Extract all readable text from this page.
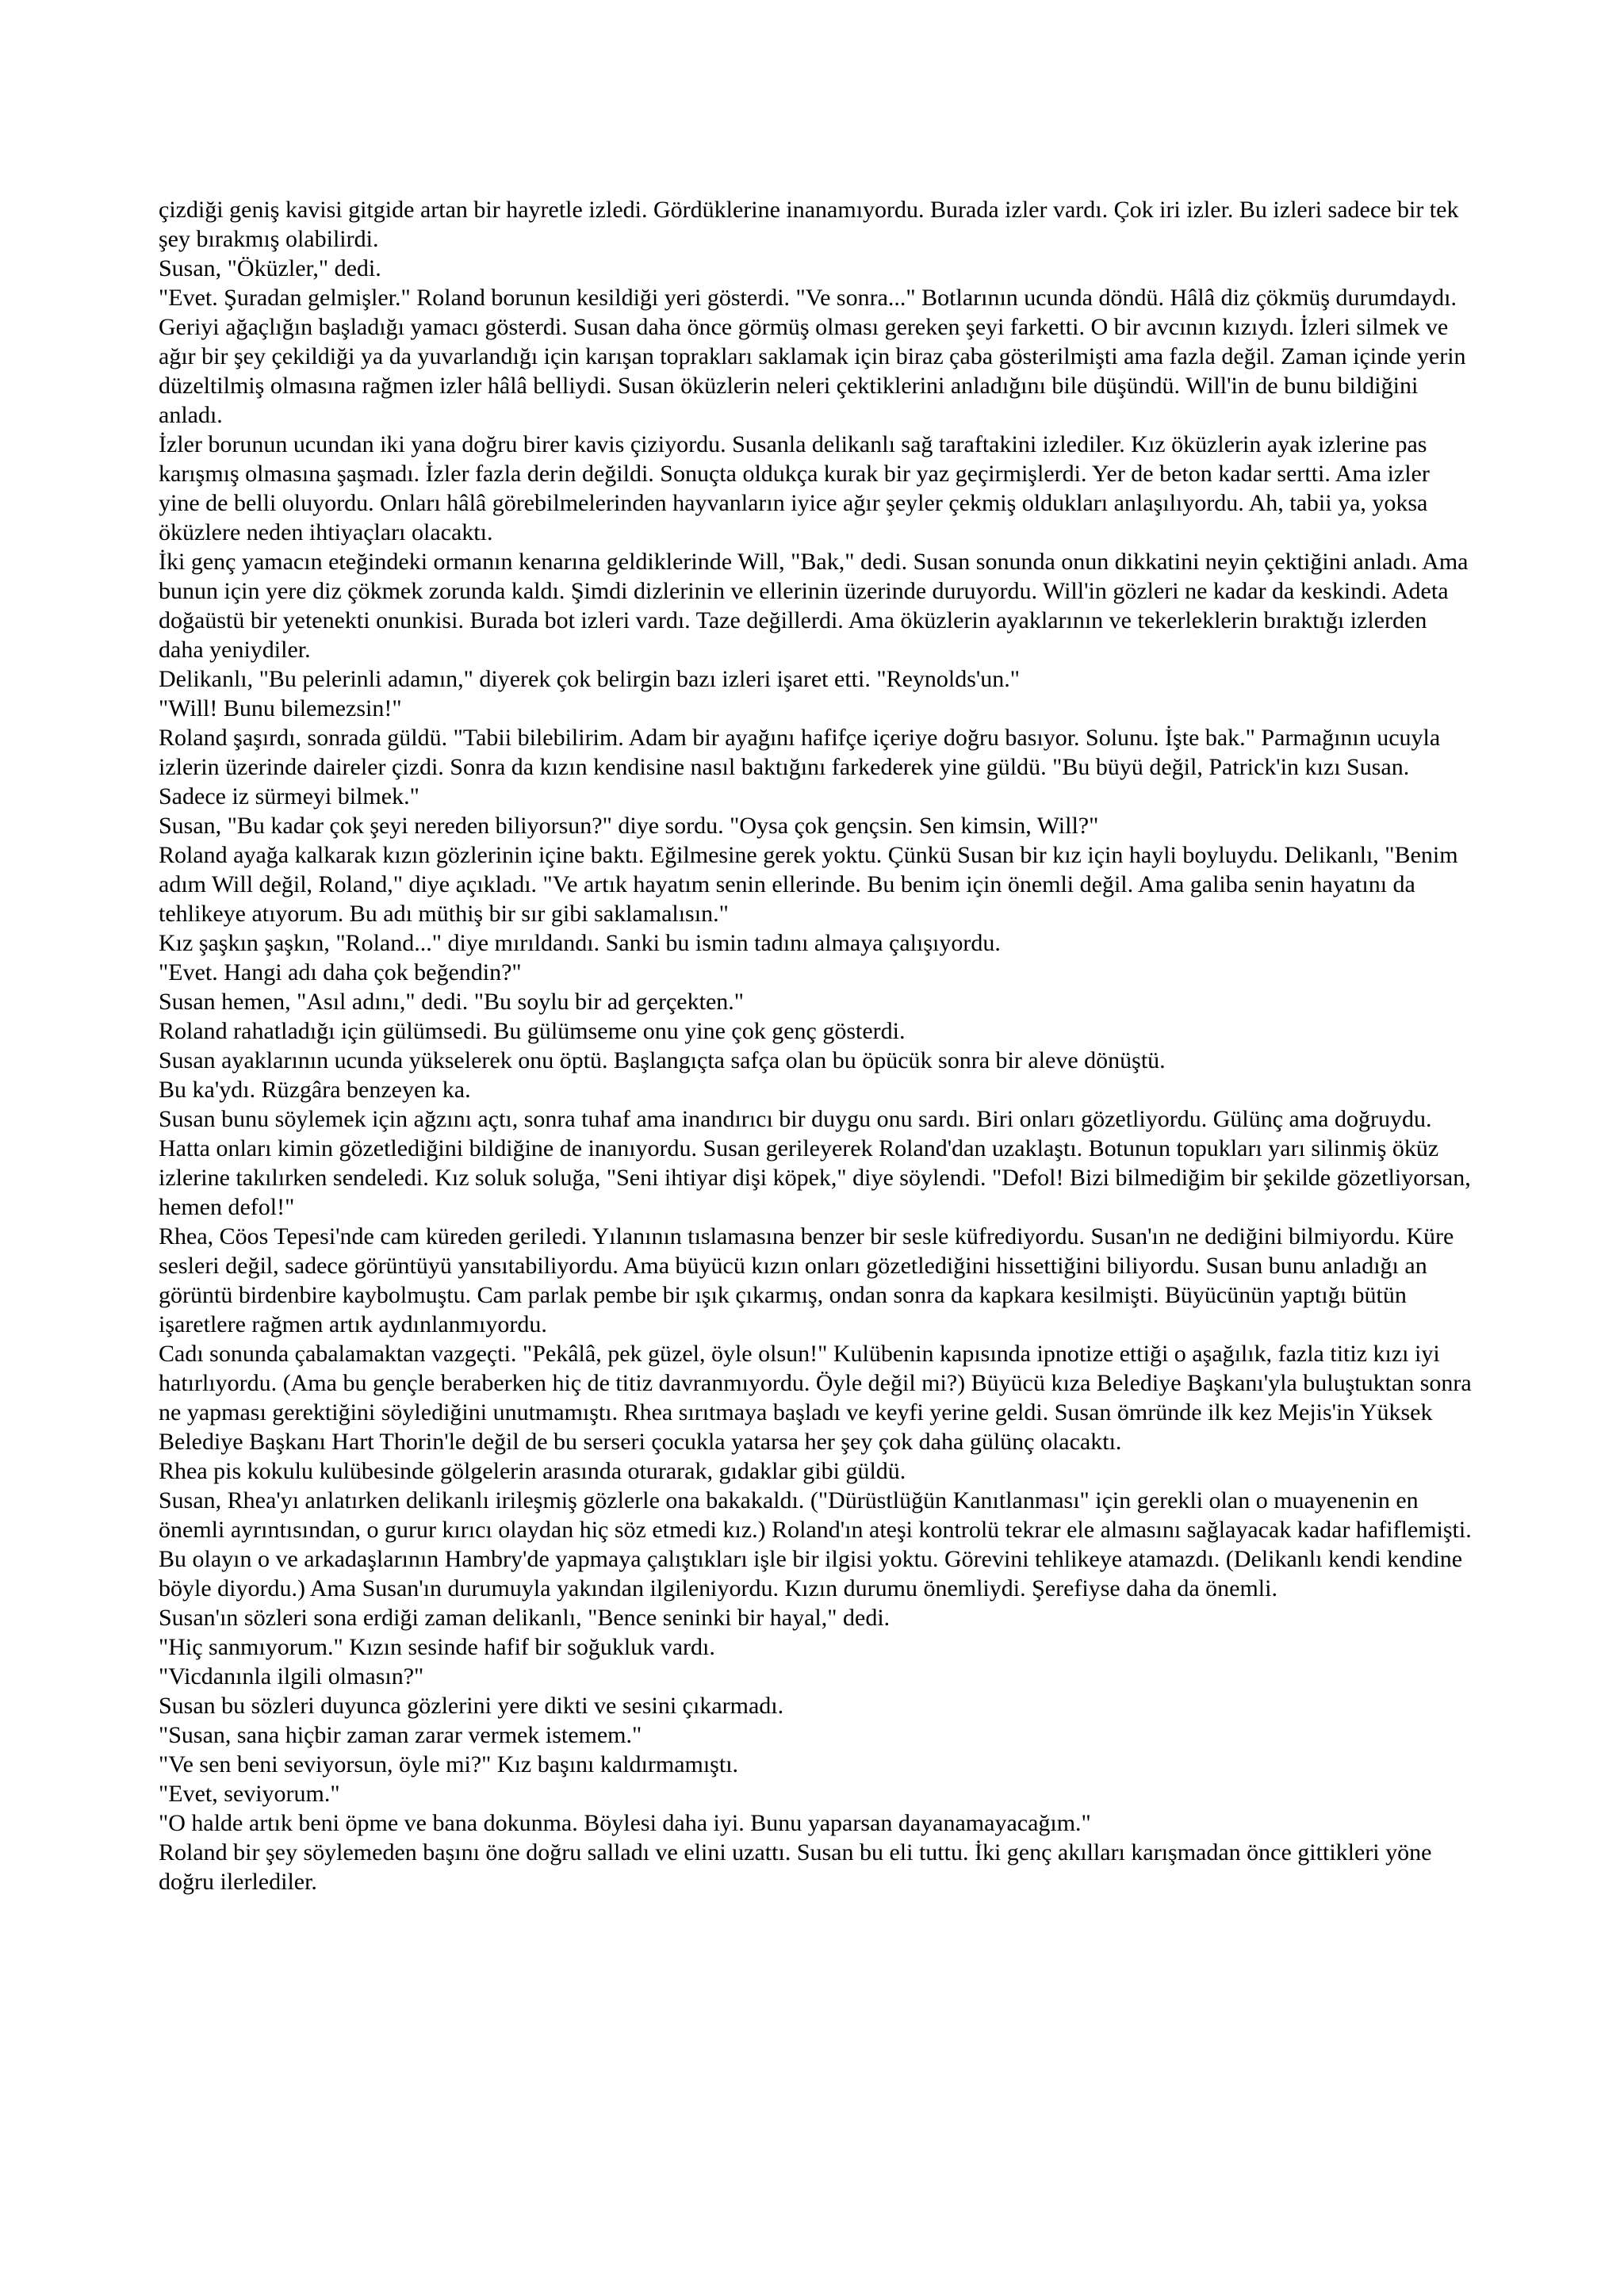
çizdiği geniş kavisi gitgide artan bir hayretle izledi. Gördüklerine inanamıyordu. Burada izler vardı. Çok iri izler. Bu izleri sadece bir tek şey bırakmış olabilirdi.

Susan, "Öküzler," dedi.

"Evet. Şuradan gelmişler." Roland borunun kesildiği yeri gösterdi. "Ve sonra..." Botlarının ucunda döndü. Hâlâ diz çökmüş durumdaydı. Geriyi ağaçlığın başladığı yamacı gösterdi. Susan daha önce görmüş olması gereken şeyi farketti. O bir avcının kızıydı. İzleri silmek ve ağır bir şey çekildiği ya da yuvarlandığı için karışan toprakları saklamak için biraz çaba gösterilmişti ama fazla değil. Zaman içinde yerin düzeltilmiş olmasına rağmen izler hâlâ belliydi. Susan öküzlerin neleri çektiklerini anladığını bile düşündü. Will'in de bunu bildiğini anladı.

İzler borunun ucundan iki yana doğru birer kavis çiziyordu. Susanla delikanlı sağ taraftakini izlediler. Kız öküzlerin ayak izlerine pas karışmış olmasına şaşmadı. İzler fazla derin değildi. Sonuçta oldukça kurak bir yaz geçirmişlerdi. Yer de beton kadar sertti. Ama izler yine de belli oluyordu. Onları hâlâ görebilmelerinden hayvanların iyice ağır şeyler çekmiş oldukları anlaşılıyordu. Ah, tabii ya, yoksa öküzlere neden ihtiyaçları olacaktı.

İki genç yamacın eteğindeki ormanın kenarına geldiklerinde Will, "Bak," dedi. Susan sonunda onun dikkatini neyin çektiğini anladı. Ama bunun için yere diz çökmek zorunda kaldı. Şimdi dizlerinin ve ellerinin üzerinde duruyordu. Will'in gözleri ne kadar da keskindi. Adeta doğaüstü bir yetenekti onunkisi. Burada bot izleri vardı. Taze değillerdi. Ama öküzlerin ayaklarının ve tekerleklerin bıraktığı izlerden daha yeniydiler.

Delikanlı, "Bu pelerinli adamın," diyerek çok belirgin bazı izleri işaret etti. "Reynolds'un."

"Will! Bunu bilemezsin!"

Roland şaşırdı, sonrada güldü. "Tabii bilebilirim. Adam bir ayağını hafifçe içeriye doğru basıyor. Solunu. İşte bak." Parmağının ucuyla izlerin üzerinde daireler çizdi. Sonra da kızın kendisine nasıl baktığını farkederek yine güldü. "Bu büyü değil, Patrick'in kızı Susan. Sadece iz sürmeyi bilmek."

Susan, "Bu kadar çok şeyi nereden biliyorsun?" diye sordu. "Oysa çok gençsin. Sen kimsin, Will?"

Roland ayağa kalkarak kızın gözlerinin içine baktı. Eğilmesine gerek yoktu. Çünkü Susan bir kız için hayli boyluydu. Delikanlı, "Benim adım Will değil, Roland," diye açıkladı. "Ve artık hayatım senin ellerinde. Bu benim için önemli değil. Ama galiba senin hayatını da tehlikeye atıyorum. Bu adı müthiş bir sır gibi saklamalısın."

Kız şaşkın şaşkın, "Roland..." diye mırıldandı. Sanki bu ismin tadını almaya çalışıyordu.

"Evet. Hangi adı daha çok beğendin?"

Susan hemen, "Asıl adını," dedi. "Bu soylu bir ad gerçekten."

Roland rahatladığı için gülümsedi. Bu gülümseme onu yine çok genç gösterdi.

Susan ayaklarının ucunda yükselerek onu öptü. Başlangıçta safça olan bu öpücük sonra bir aleve dönüştü.

Bu ka'ydı. Rüzgâra benzeyen ka.

Susan bunu söylemek için ağzını açtı, sonra tuhaf ama inandırıcı bir duygu onu sardı. Biri onları gözetliyordu. Gülünç ama doğruydu. Hatta onları kimin gözetlediğini bildiğine de inanıyordu. Susan gerileyerek Roland'dan uzaklaştı. Botunun topukları yarı silinmiş öküz izlerine takılırken sendeledi. Kız soluk soluğa, "Seni ihtiyar dişi köpek," diye söylendi. "Defol! Bizi bilmediğim bir şekilde gözetliyorsan, hemen defol!"

Rhea, Cöos Tepesi'nde cam küreden geriledi. Yılanının tıslamasına benzer bir sesle küfrediyordu. Susan'ın ne dediğini bilmiyordu. Küre sesleri değil, sadece görüntüyü yansıtabiliyordu. Ama büyücü kızın onları gözetlediğini hissettiğini biliyordu. Susan bunu anladığı an görüntü birdenbire kaybolmuştu. Cam parlak pembe bir ışık çıkarmış, ondan sonra da kapkara kesilmişti. Büyücünün yaptığı bütün işaretlere rağmen artık aydınlanmıyordu.

Cadı sonunda çabalamaktan vazgeçti. "Pekâlâ, pek güzel, öyle olsun!" Kulübenin kapısında ipnotize ettiği o aşağılık, fazla titiz kızı iyi hatırlıyordu. (Ama bu gençle beraberken hiç de titiz davranmıyordu. Öyle değil mi?) Büyücü kıza Belediye Başkanı'yla buluştuktan sonra ne yapması gerektiğini söylediğini unutmamıştı. Rhea sırıtmaya başladı ve keyfi yerine geldi. Susan ömründe ilk kez Mejis'in Yüksek Belediye Başkanı Hart Thorin'le değil de bu serseri çocukla yatarsa her şey çok daha gülünç olacaktı.

Rhea pis kokulu kulübesinde gölgelerin arasında oturarak, gıdaklar gibi güldü.

Susan, Rhea'yı anlatırken delikanlı irileşmiş gözlerle ona bakakaldı. ("Dürüstlüğün Kanıtlanması" için gerekli olan o muayenenin en önemli ayrıntısından, o gurur kırıcı olaydan hiç söz etmedi kız.) Roland'ın ateşi kontrolü tekrar ele almasını sağlayacak kadar hafiflemişti. Bu olayın o ve arkadaşlarının Hambry'de yapmaya çalıştıkları işle bir ilgisi yoktu. Görevini tehlikeye atamazdı. (Delikanlı kendi kendine böyle diyordu.) Ama Susan'ın durumuyla yakından ilgileniyordu. Kızın durumu önemliydi. Şerefiyse daha da önemli.

Susan'ın sözleri sona erdiği zaman delikanlı, "Bence seninki bir hayal," dedi.

"Hiç sanmıyorum." Kızın sesinde hafif bir soğukluk vardı.

"Vicdanınla ilgili olmasın?"

Susan bu sözleri duyunca gözlerini yere dikti ve sesini çıkarmadı.

"Susan, sana hiçbir zaman zarar vermek istemem."

"Ve sen beni seviyorsun, öyle mi?" Kız başını kaldırmamıştı.

"Evet, seviyorum."

"O halde artık beni öpme ve bana dokunma. Böylesi daha iyi. Bunu yaparsan dayanamayacağım."

Roland bir şey söylemeden başını öne doğru salladı ve elini uzattı. Susan bu eli tuttu. İki genç akılları karışmadan önce gittikleri yöne doğru ilerlediler.
